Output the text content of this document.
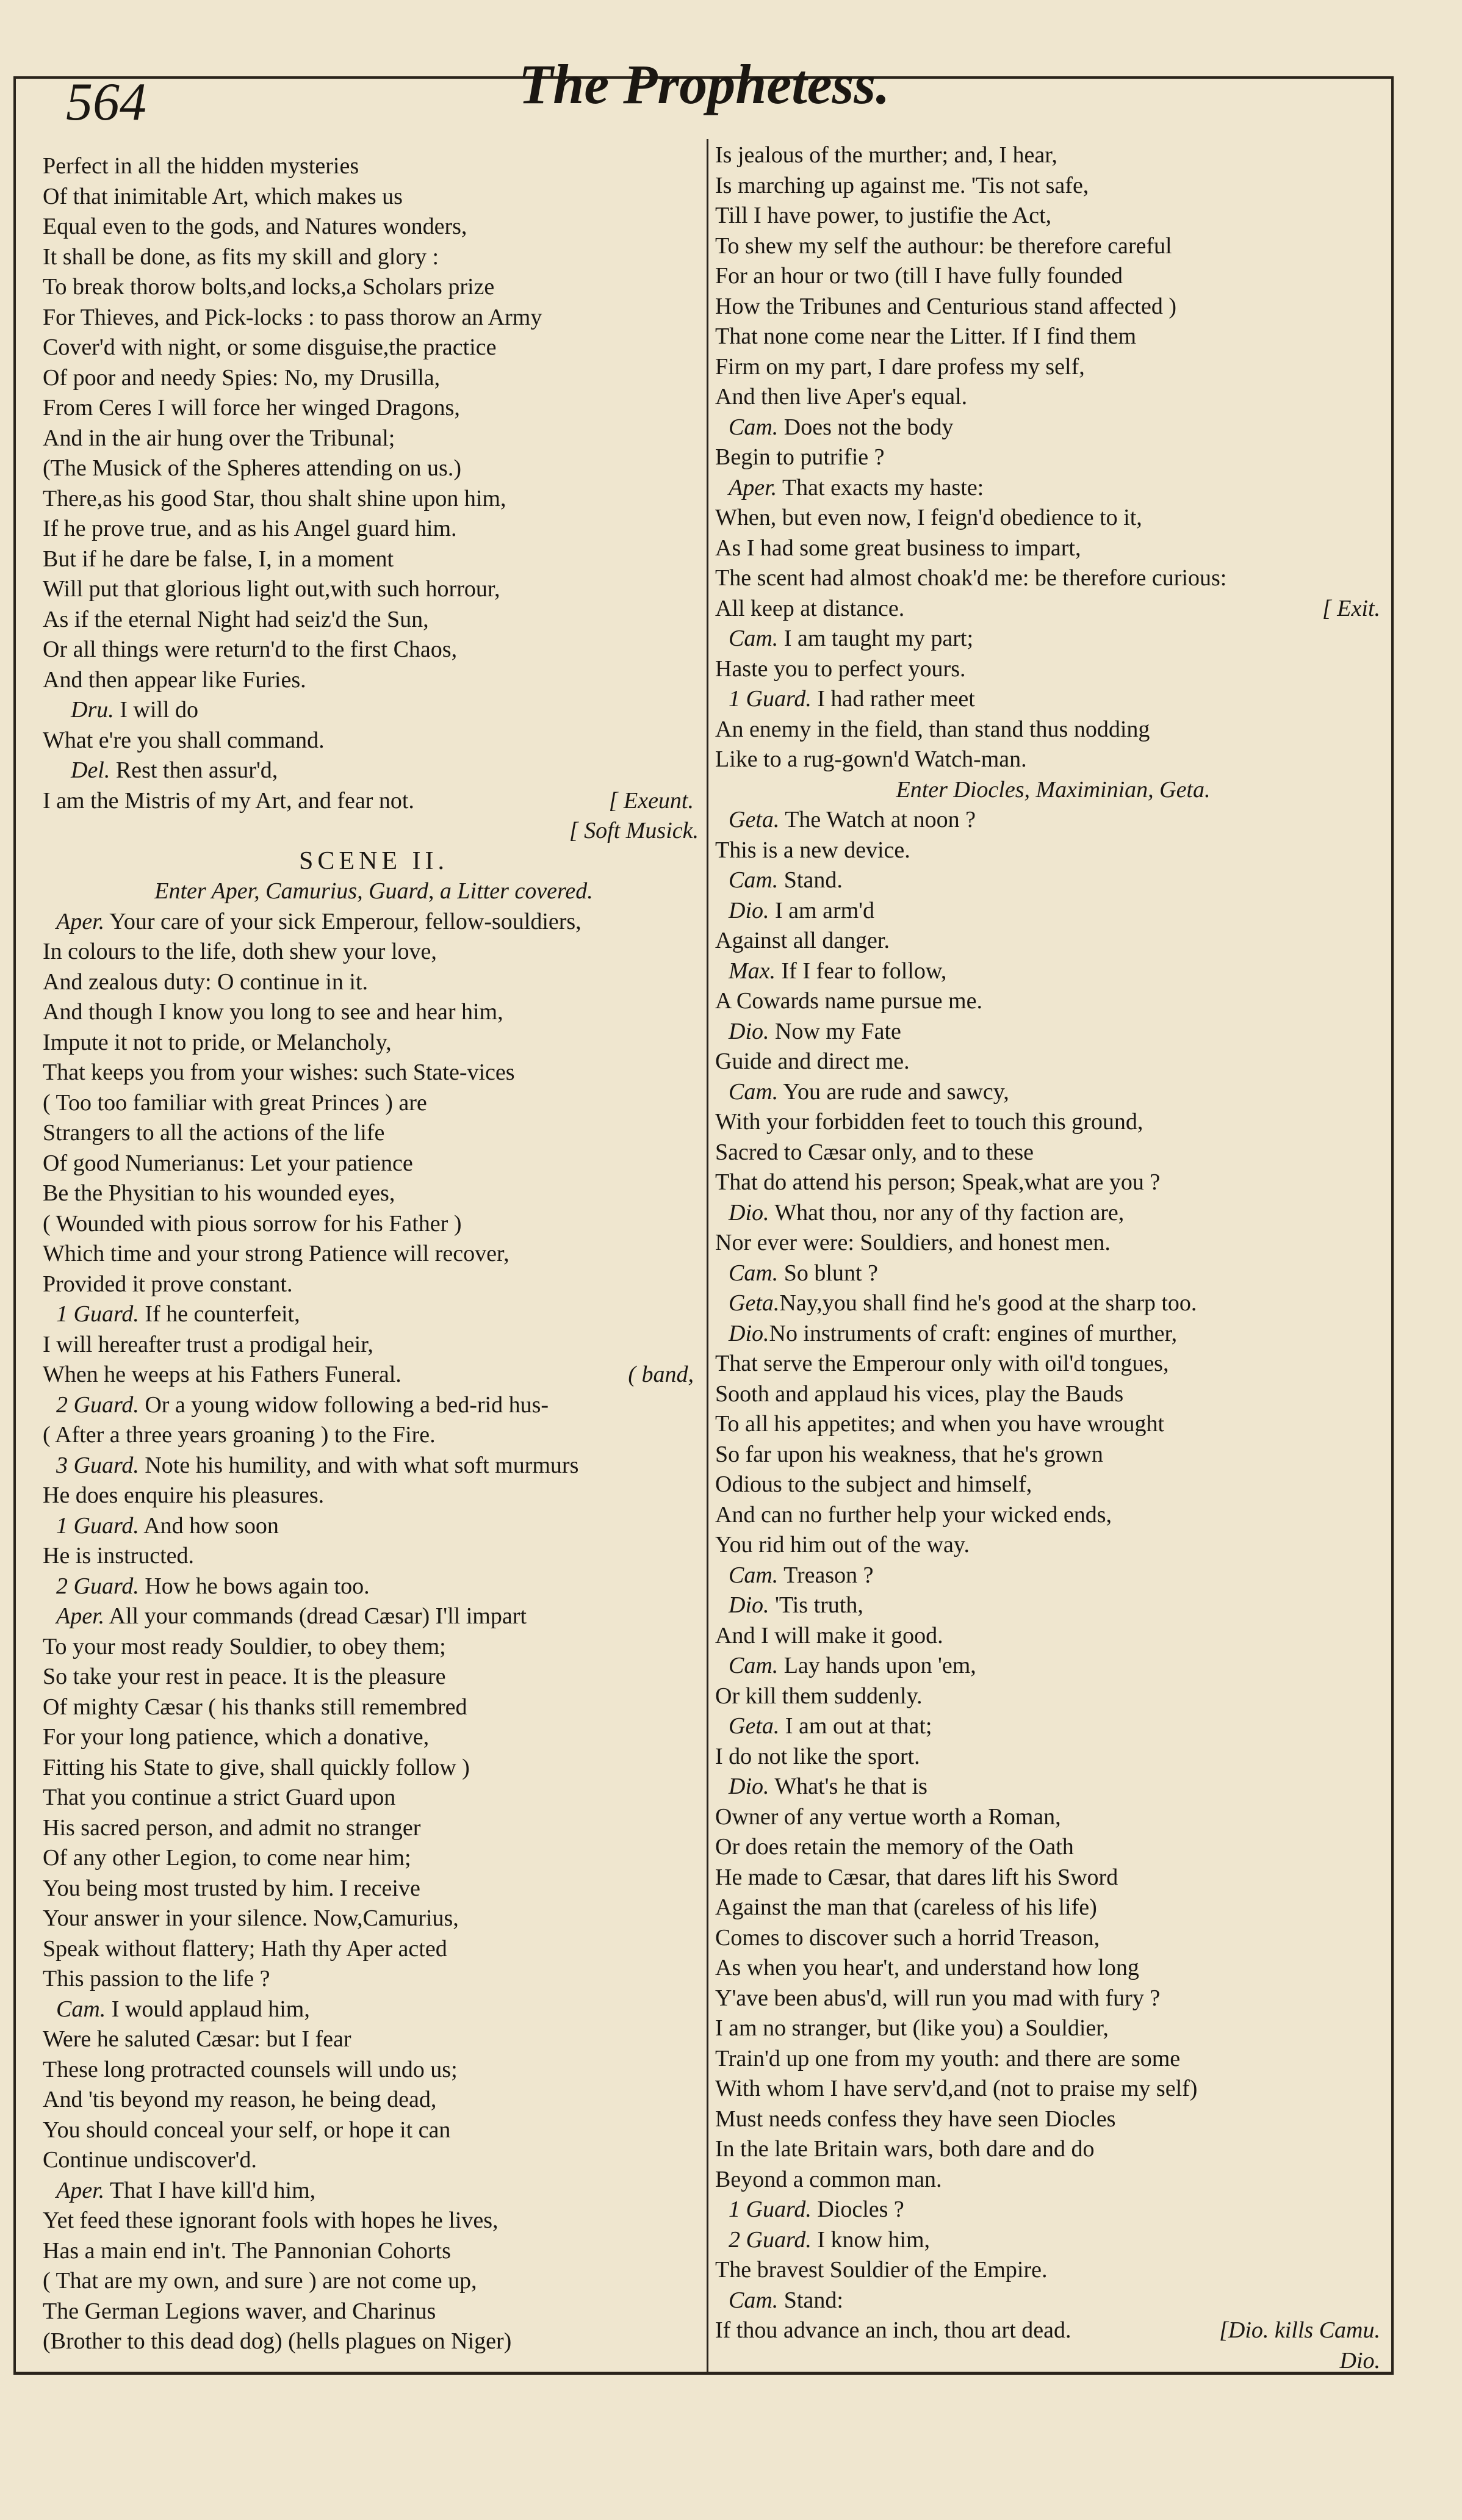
564	The Prophetess.
Perfect in all the hidden mysteries
Of that inimitable Art, which makes us
Equal even to the gods, and Natures wonders,
It shall be done, as fits my skill and glory :
To break thorow bolts,and locks,a Scholars prize
For Thieves, and Pick-locks : to pass thorow an Army
Cover'd with night, or some disguise,the practice
Of poor and needy Spies: No, my Drusilla,
From Ceres I will force her winged Dragons,
And in the air hung over the Tribunal;
(The Musick of the Spheres attending on us.)
There,as his good Star, thou shalt shine upon him,
If he prove true, and as his Angel guard him.
But if he dare be false, I, in a moment
Will put that glorious light out,with such horrour,
As if the eternal Night had seiz'd the Sun,
Or all things were return'd to the first Chaos,
And then appear like Furies.
Dru. I will do
What e're you shall command.
Del. Rest then assur'd,
I am the Mistris of my Art, and fear not.	[ Exeunt.
[ Soft Musick.
SCENE II.
Enter Aper, Camurius, Guard, a Litter covered.
Aper. Your care of your sick Emperour, fellow-souldiers,
In colours to the life, doth shew your love,
And zealous duty: O continue in it.
And though I know you long to see and hear him,
Impute it not to pride, or Melancholy,
That keeps you from your wishes: such State-vices
( Too too familiar with great Princes ) are
Strangers to all the actions of the life
Of good Numerianus: Let your patience
Be the Physitian to his wounded eyes,
( Wounded with pious sorrow for his Father )
Which time and your strong Patience will recover,
Provided it prove constant.
1 Guard. If he counterfeit,
I will hereafter trust a prodigal heir,
When he weeps at his Fathers Funeral.	( band,
2 Guard. Or a young widow following a bed-rid hus-
( After a three years groaning ) to the Fire.
3 Guard. Note his humility, and with what soft murmurs
He does enquire his pleasures.
1 Guard. And how soon
He is instructed.
2 Guard. How he bows again too.
Aper. All your commands (dread Cæsar) I'll impart
To your most ready Souldier, to obey them;
So take your rest in peace. It is the pleasure
Of mighty Cæsar ( his thanks still remembred
For your long patience, which a donative,
Fitting his State to give, shall quickly follow )
That you continue a strict Guard upon
His sacred person, and admit no stranger
Of any other Legion, to come near him;
You being most trusted by him. I receive
Your answer in your silence. Now,Camurius,
Speak without flattery; Hath thy Aper acted
This passion to the life ?
Cam. I would applaud him,
Were he saluted Cæsar: but I fear
These long protracted counsels will undo us;
And 'tis beyond my reason, he being dead,
You should conceal your self, or hope it can
Continue undiscover'd.
Aper. That I have kill'd him,
Yet feed these ignorant fools with hopes he lives,
Has a main end in't. The Pannonian Cohorts
( That are my own, and sure ) are not come up,
The German Legions waver, and Charinus
(Brother to this dead dog) (hells plagues on Niger)
Is jealous of the murther; and, I hear,
Is marching up against me. 'Tis not safe,
Till I have power, to justifie the Act,
To shew my self the authour: be therefore careful
For an hour or two (till I have fully founded
How the Tribunes and Centurious stand affected )
That none come near the Litter. If I find them
Firm on my part, I dare profess my self,
And then live Aper's equal.
Cam. Does not the body
Begin to putrifie ?
Aper. That exacts my haste:
When, but even now, I feign'd obedience to it,
As I had some great business to impart,
The scent had almost choak'd me: be therefore curious:
All keep at distance.	[ Exit.
Cam. I am taught my part;
Haste you to perfect yours.
1 Guard. I had rather meet
An enemy in the field, than stand thus nodding
Like to a rug-gown'd Watch-man.
Enter Diocles, Maximinian, Geta.
Geta. The Watch at noon ?
This is a new device.
Cam. Stand.
Dio. I am arm'd
Against all danger.
Max. If I fear to follow,
A Cowards name pursue me.
Dio. Now my Fate
Guide and direct me.
Cam. You are rude and sawcy,
With your forbidden feet to touch this ground,
Sacred to Cæsar only, and to these
That do attend his person; Speak,what are you ?
Dio. What thou, nor any of thy faction are,
Nor ever were: Souldiers, and honest men.
Cam. So blunt ?
Geta.Nay,you shall find he's good at the sharp too.
Dio.No instruments of craft: engines of murther,
That serve the Emperour only with oil'd tongues,
Sooth and applaud his vices, play the Bauds
To all his appetites; and when you have wrought
So far upon his weakness, that he's grown
Odious to the subject and himself,
And can no further help your wicked ends,
You rid him out of the way.
Cam. Treason ?
Dio. 'Tis truth,
And I will make it good.
Cam. Lay hands upon 'em,
Or kill them suddenly.
Geta. I am out at that;
I do not like the sport.
Dio. What's he that is
Owner of any vertue worth a Roman,
Or does retain the memory of the Oath
He made to Cæsar, that dares lift his Sword
Against the man that (careless of his life)
Comes to discover such a horrid Treason,
As when you hear't, and understand how long
Y'ave been abus'd, will run you mad with fury ?
I am no stranger, but (like you) a Souldier,
Train'd up one from my youth: and there are some
With whom I have serv'd,and (not to praise my self)
Must needs confess they have seen Diocles
In the late Britain wars, both dare and do
Beyond a common man.
1 Guard. Diocles ?
2 Guard. I know him,
The bravest Souldier of the Empire.
Cam. Stand:
If thou advance an inch, thou art dead.	[Dio. kills Camu.
Dio.
